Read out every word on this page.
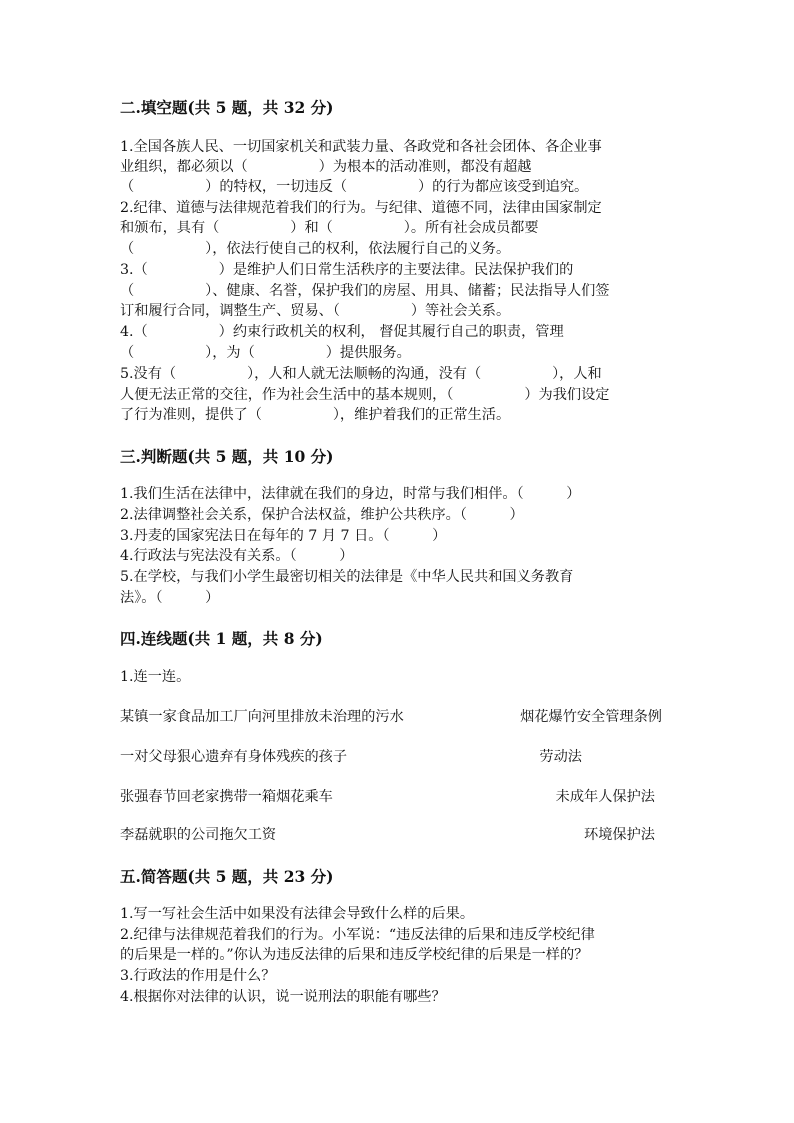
二.填空题(共 5 题，共 32 分)
1.全国各族人民、一切国家机关和武装力量、各政党和各社会团体、各企业事
业组织，都必须以（　　　　　）为根本的活动准则，都没有超越
（　　　　　）的特权，一切违反（　　　　　）的行为都应该受到追究。
2.纪律、道德与法律规范着我们的行为。与纪律、道德不同，法律由国家制定
和颁布，具有（　　　　　）和（　　　　　）。所有社会成员都要
（　　　　　），依法行使自己的权利，依法履行自己的义务。
3.（　　　　　）是维护人们日常生活秩序的主要法律。民法保护我们的
（　　　　　）、健康、名誉，保护我们的房屋、用具、储蓄；民法指导人们签
订和履行合同，调整生产、贸易、（　　　　　）等社会关系。
4.（　　　　　）约束行政机关的权利， 督促其履行自己的职责，管理
（　　　　　），为（　　　　　）提供服务。
5.没有（　　　　　），人和人就无法顺畅的沟通，没有（　　　　　），人和
人便无法正常的交往，作为社会生活中的基本规则，（　　　　　）为我们设定
了行为准则，提供了（　　　　　），维护着我们的正常生活。
三.判断题(共 5 题，共 10 分)
1.我们生活在法律中，法律就在我们的身边，时常与我们相伴。（　　　）
2.法律调整社会关系，保护合法权益，维护公共秩序。（　　　）
3.丹麦的国家宪法日在每年的 7 月 7 日。（　　　）
4.行政法与宪法没有关系。（　　　）
5.在学校，与我们小学生最密切相关的法律是《中华人民共和国义务教育
法》。（　　　）
四.连线题(共 1 题，共 8 分)
1.连一连。
某镇一家食品加工厂向河里排放未治理的污水	烟花爆竹安全管理条例
一对父母狠心遗弃有身体残疾的孩子	劳动法
张强春节回老家携带一箱烟花乘车	未成年人保护法
李磊就职的公司拖欠工资	环境保护法
五.简答题(共 5 题，共 23 分)
1.写一写社会生活中如果没有法律会导致什么样的后果。
2.纪律与法律规范着我们的行为。小军说：“违反法律的后果和违反学校纪律
的后果是一样的。”你认为违反法律的后果和违反学校纪律的后果是一样的？
3.行政法的作用是什么？
4.根据你对法律的认识，说一说刑法的职能有哪些？
